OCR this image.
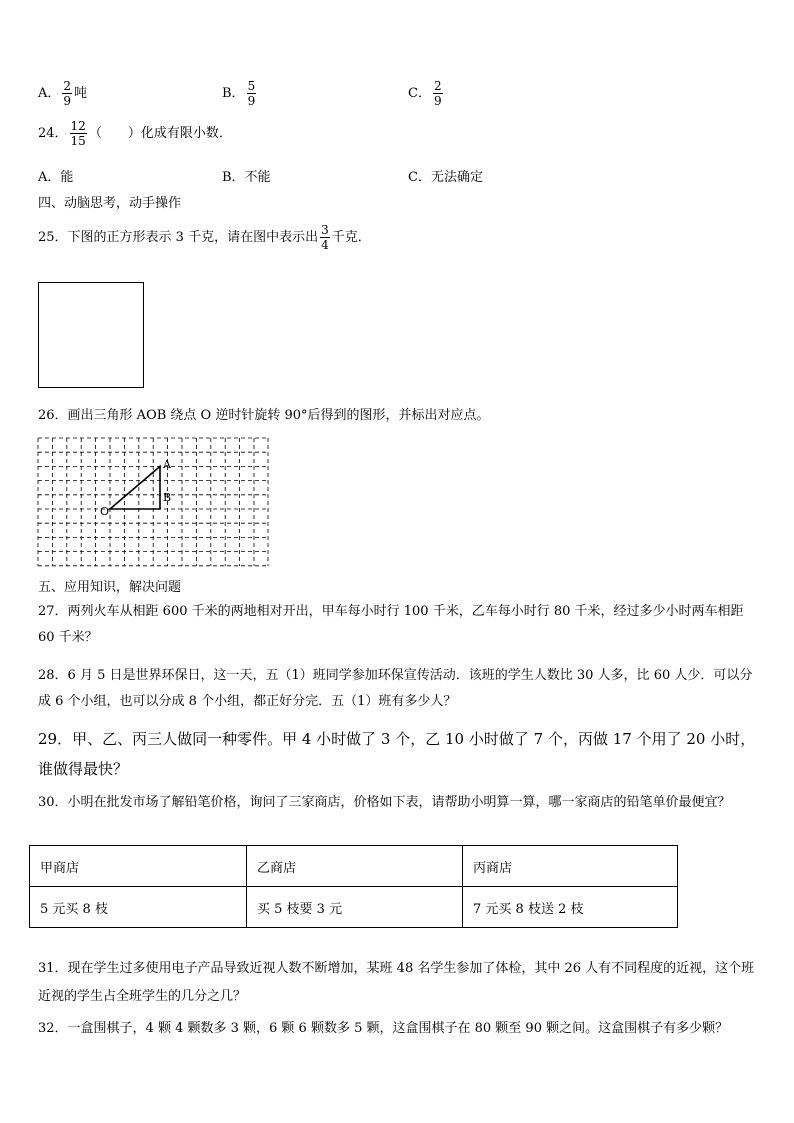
A． $\frac{2}{9}$ 吨	B． $\frac{5}{9}$	C． $\frac{2}{9}$
24． $\frac{12}{15}$ （　　）化成有限小数．
A．能	B．不能	C．无法确定
四、动脑思考，动手操作
25．下图的正方形表示 3 千克，请在图中表示出 $\frac{3}{4}$ 千克．
26．画出三角形 AOB 绕点 O 逆时针旋转 90°后得到的图形，并标出对应点。
A
B
O
五、应用知识，解决问题
27．两列火车从相距 600 千米的两地相对开出，甲车每小时行 100 千米，乙车每小时行 80 千米，经过多少小时两车相距 60 千米？
28．6 月 5 日是世界环保日，这一天，五（1）班同学参加环保宣传活动．该班的学生人数比 30 人多，比 60 人少．可以分成 6 个小组，也可以分成 8 个小组，都正好分完．五（1）班有多少人？
29．甲、乙、丙三人做同一种零件。甲 4 小时做了 3 个，乙 10 小时做了 7 个，丙做 17 个用了 20 小时，谁做得最快？
30．小明在批发市场了解铅笔价格，询问了三家商店，价格如下表，请帮助小明算一算，哪一家商店的铅笔单价最便宜？
甲商店	乙商店	丙商店
5 元买 8 枝	买 5 枝要 3 元	7 元买 8 枝送 2 枝
31．现在学生过多使用电子产品导致近视人数不断增加，某班 48 名学生参加了体检，其中 26 人有不同程度的近视，这个班近视的学生占全班学生的几分之几？
32．一盒围棋子，4 颗 4 颗数多 3 颗，6 颗 6 颗数多 5 颗，这盒围棋子在 80 颗至 90 颗之间。这盒围棋子有多少颗？
